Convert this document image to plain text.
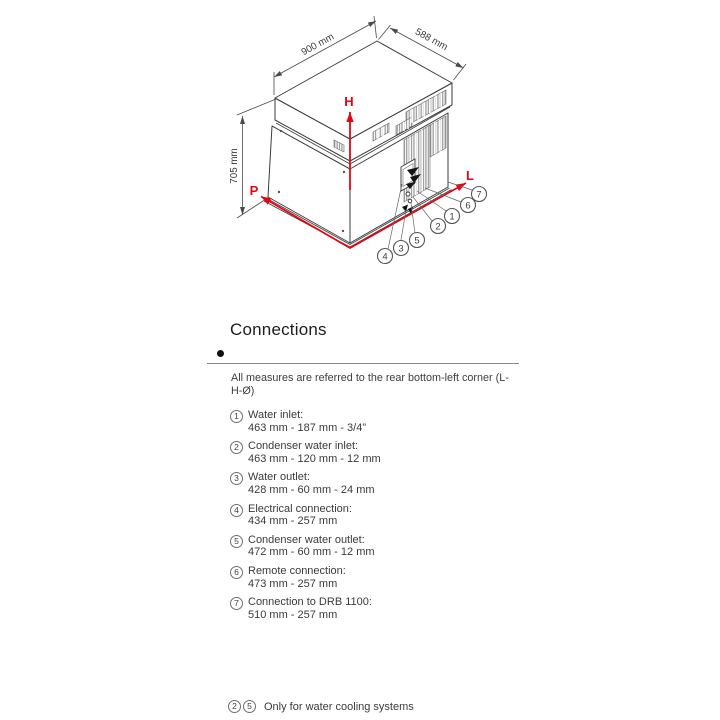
900 mm	588 mm
705 mm
H
P
L
1
2
3
4
5
6
7
Connections

All measures are referred to the rear bottom-left corner (L-H-Ø)

1 Water inlet:
463 mm - 187 mm - 3/4”
2 Condenser water inlet:
463 mm - 120 mm - 12 mm
3 Water outlet:
428 mm - 60 mm - 24 mm
4 Electrical connection:
434 mm - 257 mm
5 Condenser water outlet:
472 mm - 60 mm - 12 mm
6 Remote connection:
473 mm - 257 mm
7 Connection to DRB 1100:
510 mm - 257 mm
2	5	Only for water cooling systems
